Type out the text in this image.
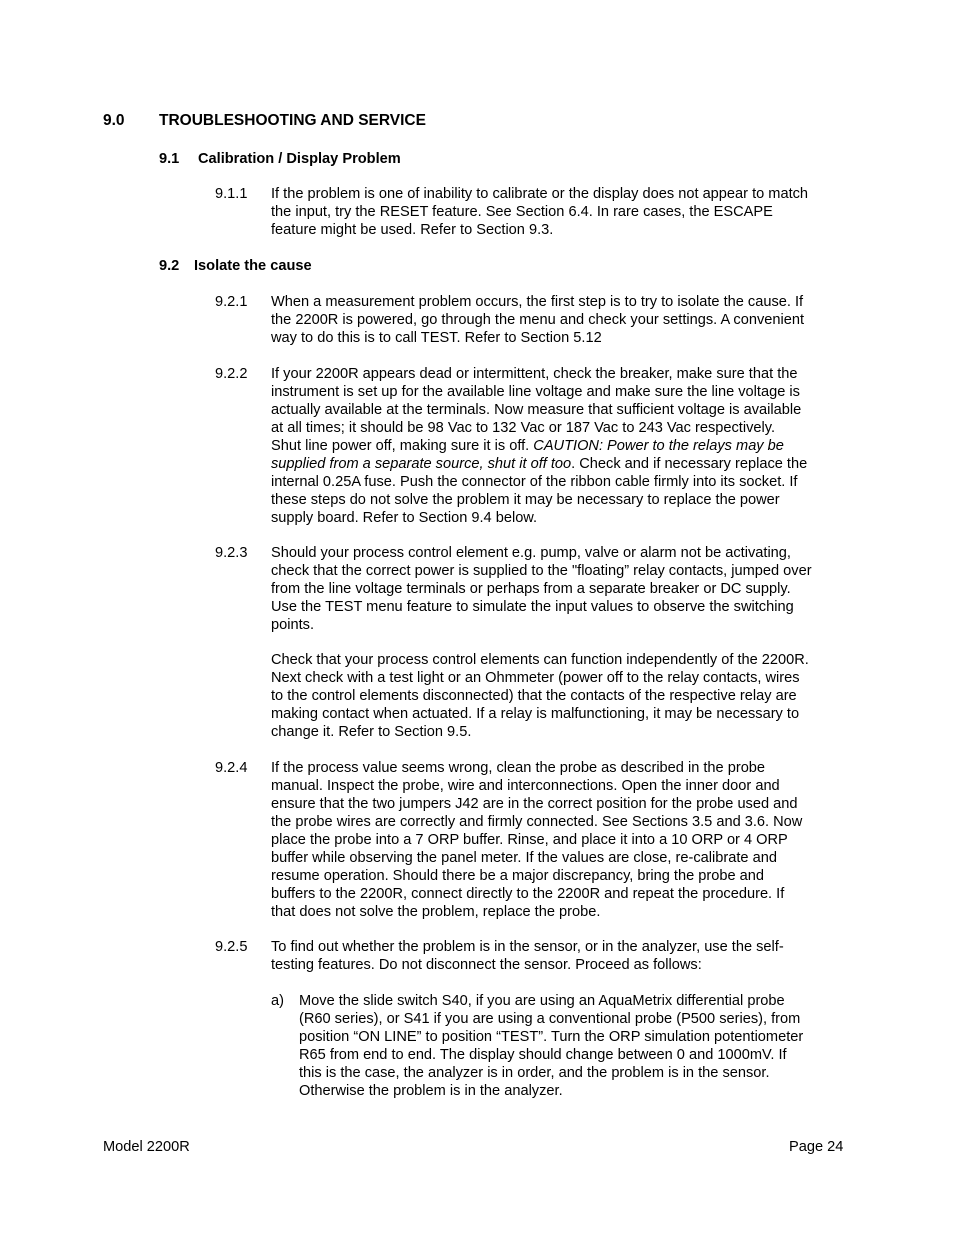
9.0 TROUBLESHOOTING AND SERVICE
9.1 Calibration / Display Problem
9.1.1 If the problem is one of inability to calibrate or the display does not appear to match
the input, try the RESET feature. See Section 6.4. In rare cases, the ESCAPE
feature might be used. Refer to Section 9.3.
9.2 Isolate the cause
9.2.1 When a measurement problem occurs, the first step is to try to isolate the cause. If
the 2200R is powered, go through the menu and check your settings. A convenient
way to do this is to call TEST. Refer to Section 5.12
9.2.2 If your 2200R appears dead or intermittent, check the breaker, make sure that the
instrument is set up for the available line voltage and make sure the line voltage is
actually available at the terminals. Now measure that sufficient voltage is available
at all times; it should be 98 Vac to 132 Vac or 187 Vac to 243 Vac respectively.
Shut line power off, making sure it is off. CAUTION: Power to the relays may be
supplied from a separate source, shut it off too. Check and if necessary replace the
internal 0.25A fuse. Push the connector of the ribbon cable firmly into its socket. If
these steps do not solve the problem it may be necessary to replace the power
supply board. Refer to Section 9.4 below.
9.2.3 Should your process control element e.g. pump, valve or alarm not be activating,
check that the correct power is supplied to the "floating” relay contacts, jumped over
from the line voltage terminals or perhaps from a separate breaker or DC supply.
Use the TEST menu feature to simulate the input values to observe the switching
points.
Check that your process control elements can function independently of the 2200R.
Next check with a test light or an Ohmmeter (power off to the relay contacts, wires
to the control elements disconnected) that the contacts of the respective relay are
making contact when actuated. If a relay is malfunctioning, it may be necessary to
change it. Refer to Section 9.5.
9.2.4 If the process value seems wrong, clean the probe as described in the probe
manual. Inspect the probe, wire and interconnections. Open the inner door and
ensure that the two jumpers J42 are in the correct position for the probe used and
the probe wires are correctly and firmly connected. See Sections 3.5 and 3.6. Now
place the probe into a 7 ORP buffer. Rinse, and place it into a 10 ORP or 4 ORP
buffer while observing the panel meter. If the values are close, re-calibrate and
resume operation. Should there be a major discrepancy, bring the probe and
buffers to the 2200R, connect directly to the 2200R and repeat the procedure. If
that does not solve the problem, replace the probe.
9.2.5 To find out whether the problem is in the sensor, or in the analyzer, use the self-
testing features. Do not disconnect the sensor. Proceed as follows:
a) Move the slide switch S40, if you are using an AquaMetrix differential probe
(R60 series), or S41 if you are using a conventional probe (P500 series), from
position “ON LINE” to position “TEST”. Turn the ORP simulation potentiometer
R65 from end to end. The display should change between 0 and 1000mV. If
this is the case, the analyzer is in order, and the problem is in the sensor.
Otherwise the problem is in the analyzer.
Model 2200R	Page 24
